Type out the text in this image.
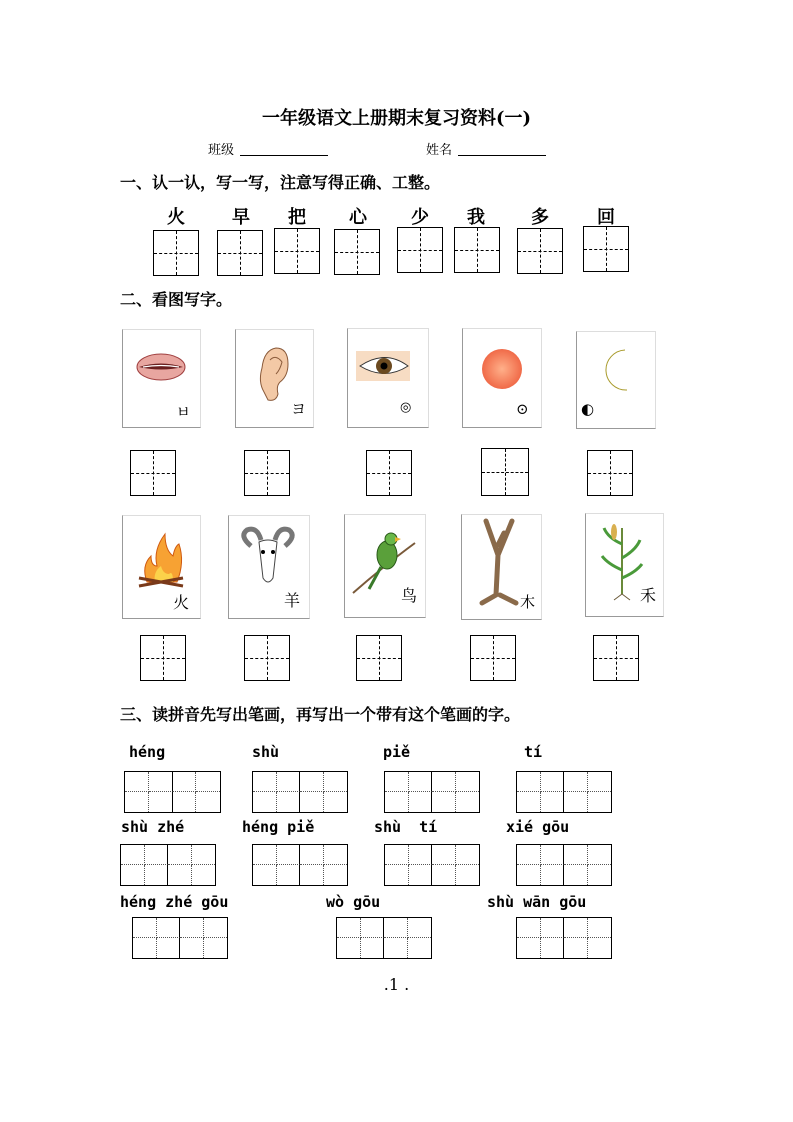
一年级语文上册期末复习资料(一)
班级	姓名
一、认一认，写一写，注意写得正确、工整。
火	早	把	心	少	我	多	回
二、看图写字。
ㅂ	ヨ	◎	⊙	◐
火	羊	鸟	木	禾
三、读拼音先写出笔画，再写出一个带有这个笔画的字。
héng	shù	piě	tí
shù zhé	héng piě	shù  tí	xié gōu
héng zhé gōu	wò gōu	shù wān gōu
.1 .
